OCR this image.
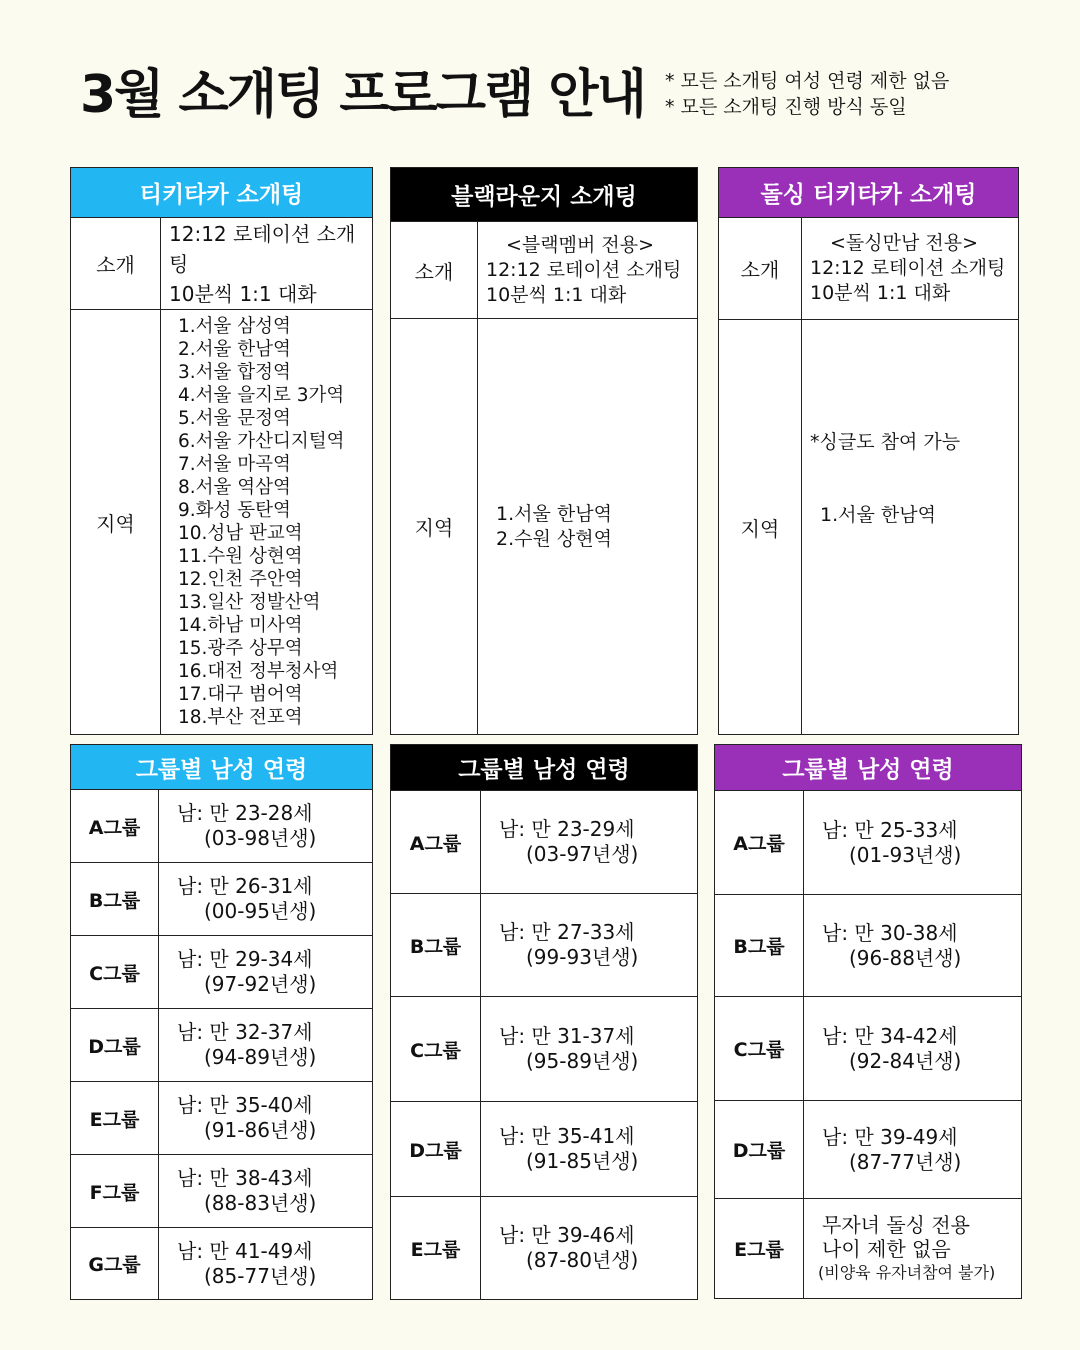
3월 소개팅 프로그램 안내 * 모든 소개팅 여성 연령 제한 없음
* 모든 소개팅 진행 방식 동일
티키타카 소개팅
소개
12:12 로테이션 소개팅
10분씩 1:1 대화
지역
1.서울 삼성역
2.서울 한남역
3.서울 합정역
4.서울 을지로 3가역
5.서울 문정역
6.서울 가산디지털역
7.서울 마곡역
8.서울 역삼역
9.화성 동탄역
10.성남 판교역
11.수원 상현역
12.인천 주안역
13.일산 정발산역
14.하남 미사역
15.광주 상무역
16.대전 정부청사역
17.대구 범어역
18.부산 전포역
블랙라운지 소개팅
소개
<블랙멤버 전용>
12:12 로테이션 소개팅
10분씩 1:1 대화
지역
1.서울 한남역
2.수원 상현역
돌싱 티키타카 소개팅
소개
<돌싱만남 전용>
12:12 로테이션 소개팅
10분씩 1:1 대화
지역
*싱글도 참여 가능
1.서울 한남역
그룹별 남성 연령
A그룹
남: 만 23-28세
(03-98년생)
B그룹
남: 만 26-31세
(00-95년생)
C그룹
남: 만 29-34세
(97-92년생)
D그룹
남: 만 32-37세
(94-89년생)
E그룹
남: 만 35-40세
(91-86년생)
F그룹
남: 만 38-43세
(88-83년생)
G그룹
남: 만 41-49세
(85-77년생)
그룹별 남성 연령
A그룹
남: 만 23-29세
(03-97년생)
B그룹
남: 만 27-33세
(99-93년생)
C그룹
남: 만 31-37세
(95-89년생)
D그룹
남: 만 35-41세
(91-85년생)
E그룹
남: 만 39-46세
(87-80년생)
그룹별 남성 연령
A그룹
남: 만 25-33세
(01-93년생)
B그룹
남: 만 30-38세
(96-88년생)
C그룹
남: 만 34-42세
(92-84년생)
D그룹
남: 만 39-49세
(87-77년생)
E그룹
무자녀 돌싱 전용
나이 제한 없음
(비양육 유자녀참여 불가)
